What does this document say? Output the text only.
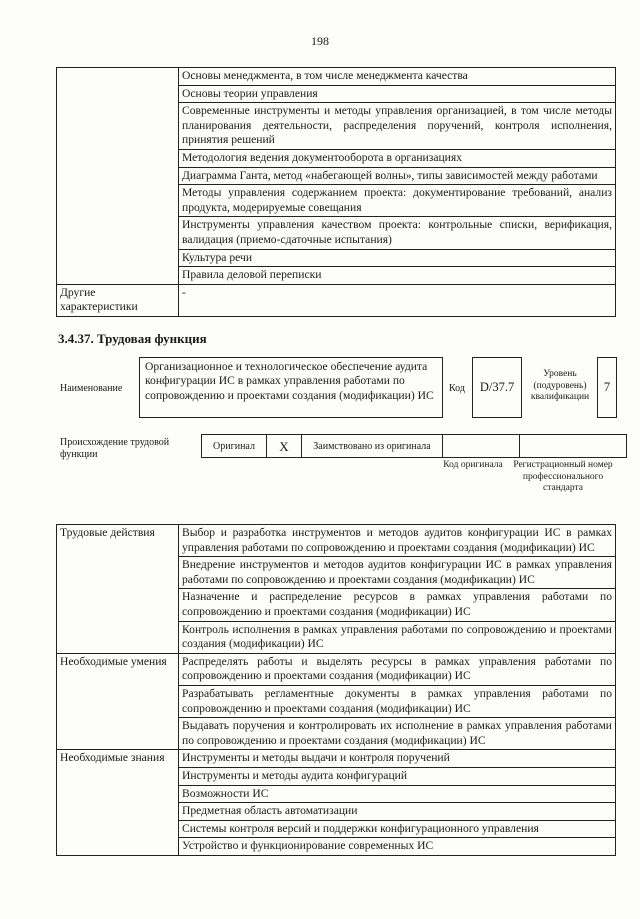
198
	Основы менеджмента, в том числе менеджмента качества
	Основы теории управления
	Современные инструменты и методы управления организацией, в том числе методы планирования деятельности, распределения поручений, контроля исполнения, принятия решений
	Методология ведения документооборота в организациях
	Диаграмма Ганта, метод «набегающей волны», типы зависимостей между работами
	Методы управления содержанием проекта: документирование требований, анализ продукта, модерируемые совещания
	Инструменты управления качеством проекта: контрольные списки, верификация, валидация (приемо-сдаточные испытания)
	Культура речи
	Правила деловой переписки
Другие характеристики	-
3.4.37. Трудовая функция
Наименование
Организационное и технологическое обеспечение аудита конфигурации ИС в рамках управления работами по сопровождению и проектами создания (модификации) ИС
Код	D/37.7
Уровень (подуровень) квалификации
7
Происхождение трудовой функции
Оригинал	X	Заимствовано из оригинала		
Код оригинала	Регистрационный номер профессионального стандарта
Трудовые действия	Выбор и разработка инструментов и методов аудитов конфигурации ИС в рамках управления работами по сопровождению и проектами создания (модификации) ИС
	Внедрение инструментов и методов аудитов конфигурации ИС в рамках управления работами по сопровождению и проектами создания (модификации) ИС
	Назначение и распределение ресурсов в рамках управления работами по сопровождению и проектами создания (модификации) ИС
	Контроль исполнения в рамках управления работами по сопровождению и проектами создания (модификации) ИС
Необходимые умения	Распределять работы и выделять ресурсы в рамках управления работами по сопровождению и проектами создания (модификации) ИС
	Разрабатывать регламентные документы в рамках управления работами по сопровождению и проектами создания (модификации) ИС
	Выдавать поручения и контролировать их исполнение в рамках управления работами по сопровождению и проектами создания (модификации) ИС
Необходимые знания	Инструменты и методы выдачи и контроля поручений
	Инструменты и методы аудита конфигураций
	Возможности ИС
	Предметная область автоматизации
	Системы контроля версий и поддержки конфигурационного управления
	Устройство и функционирование современных ИС
